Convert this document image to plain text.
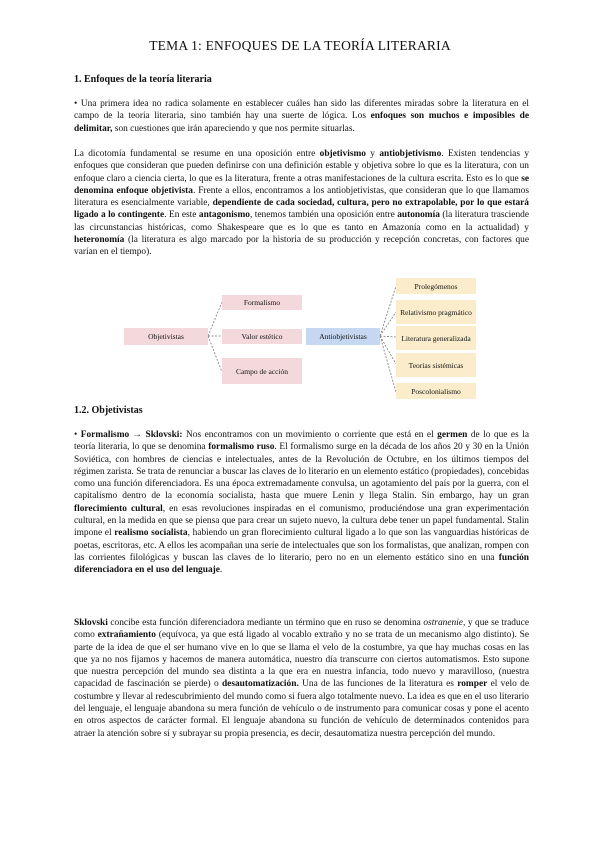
TEMA 1: ENFOQUES DE LA TEORÍA LITERARIA
1. Enfoques de la teoría literaria

• Una primera idea no radica solamente en establecer cuáles han sido las diferentes miradas sobre la literatura en el campo de la teoría literaria, sino también hay una suerte de lógica. Los enfoques son muchos e imposibles de delimitar, son cuestiones que irán apareciendo y que nos permite situarlas.

La dicotomía fundamental se resume en una oposición entre objetivismo y antiobjetivismo. Existen tendencias y enfoques que consideran que pueden definirse con una definición estable y objetiva sobre lo que es la literatura, con un enfoque claro a ciencia cierta, lo que es la literatura, frente a otras manifestaciones de la cultura escrita. Esto es lo que se denomina enfoque objetivista. Frente a ellos, encontramos a los antiobjetivistas, que consideran que lo que llamamos literatura es esencialmente variable, dependiente de cada sociedad, cultura, pero no extrapolable, por lo que estará ligado a lo contingente. En este antagonismo, tenemos también una oposición entre autonomía (la literatura trasciende las circunstancias históricas, como Shakespeare que es lo que es tanto en Amazonía como en la actualidad) y heteronomía (la literatura es algo marcado por la historia de su producción y recepción concretas, con factores que varían en el tiempo).

Objetivistas
Formalismo
Valor estético
Campo de acción
Antiobjetivistas
Prolegómenos
Relativismo pragmático
Literatura generalizada
Teorías sistémicas
Poscolonialismo
1.2. Objetivistas

• Formalismo → Sklovski: Nos encontramos con un movimiento o corriente que está en el germen de lo que es la teoría literaria, lo que se denomina formalismo ruso. El formalismo surge en la década de los años 20 y 30 en la Unión Soviética, con hombres de ciencias e intelectuales, antes de la Revolución de Octubre, en los últimos tiempos del régimen zarista. Se trata de renunciar a buscar las claves de lo literario en un elemento estático (propiedades), concebidas como una función diferenciadora. Es una época extremadamente convulsa, un agotamiento del país por la guerra, con el capitalismo dentro de la economía socialista, hasta que muere Lenin y llega Stalin. Sin embargo, hay un gran florecimiento cultural, en esas revoluciones inspiradas en el comunismo, produciéndose una gran experimentación cultural, en la medida en que se piensa que para crear un sujeto nuevo, la cultura debe tener un papel fundamental. Stalin impone el realismo socialista, habiendo un gran florecimiento cultural ligado a lo que son las vanguardias históricas de poetas, escritoras, etc. A ellos les acompañan una serie de intelectuales que son los formalistas, que analizan, rompen con las corrientes filológicas y buscan las claves de lo literario, pero no en un elemento estático sino en una función diferenciadora en el uso del lenguaje.

Sklovski concibe esta función diferenciadora mediante un término que en ruso se denomina ostranenie, y que se traduce como extrañamiento (equívoca, ya que está ligado al vocablo extraño y no se trata de un mecanismo algo distinto). Se parte de la idea de que el ser humano vive en lo que se llama el velo de la costumbre, ya que hay muchas cosas en las que ya no nos fijamos y hacemos de manera automática, nuestro día transcurre con ciertos automatismos. Esto supone que nuestra percepción del mundo sea distinta a la que era en nuestra infancia, todo nuevo y maravilloso, (nuestra capacidad de fascinación se pierde) o desautomatización. Una de las funciones de la literatura es romper el velo de costumbre y llevar al redescubrimiento del mundo como si fuera algo totalmente nuevo. La idea es que en el uso literario del lenguaje, el lenguaje abandona su mera función de vehículo o de instrumento para comunicar cosas y pone el acento en otros aspectos de carácter formal. El lenguaje abandona su función de vehículo de determinados contenidos para atraer la atención sobre sí y subrayar su propia presencia, es decir, desautomatiza nuestra percepción del mundo.
